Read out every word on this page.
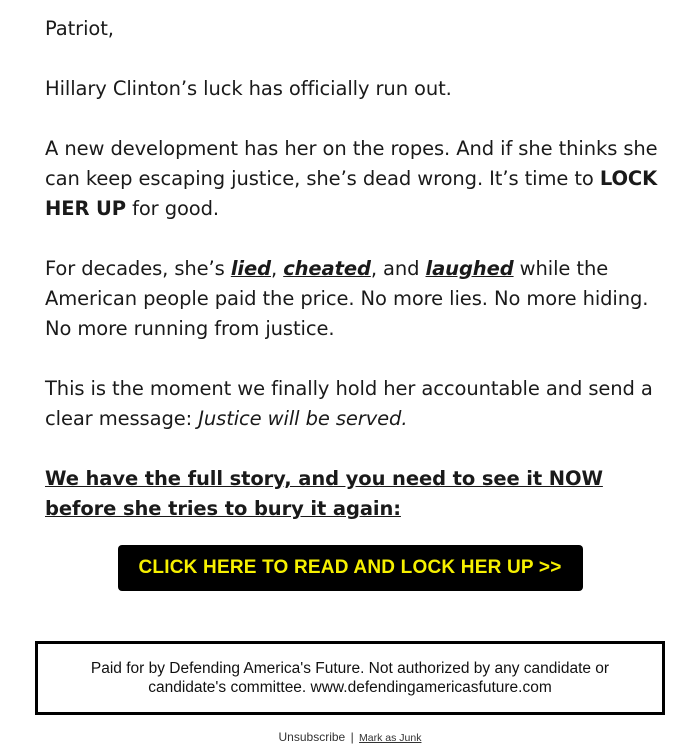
Patriot,

Hillary Clinton’s luck has officially run out.

A new development has her on the ropes. And if she thinks she can keep escaping justice, she’s dead wrong. It’s time to LOCK HER UP for good.

For decades, she’s lied, cheated, and laughed while the American people paid the price. No more lies. No more hiding. No more running from justice.

This is the moment we finally hold her accountable and send a clear message: Justice will be served.

We have the full story, and you need to see it NOW before she tries to bury it again:

CLICK HERE TO READ AND LOCK HER UP >>
Paid for by Defending America's Future. Not authorized by any candidate or candidate's committee. www.defendingamericasfuture.com
Unsubscribe | Mark as Junk
